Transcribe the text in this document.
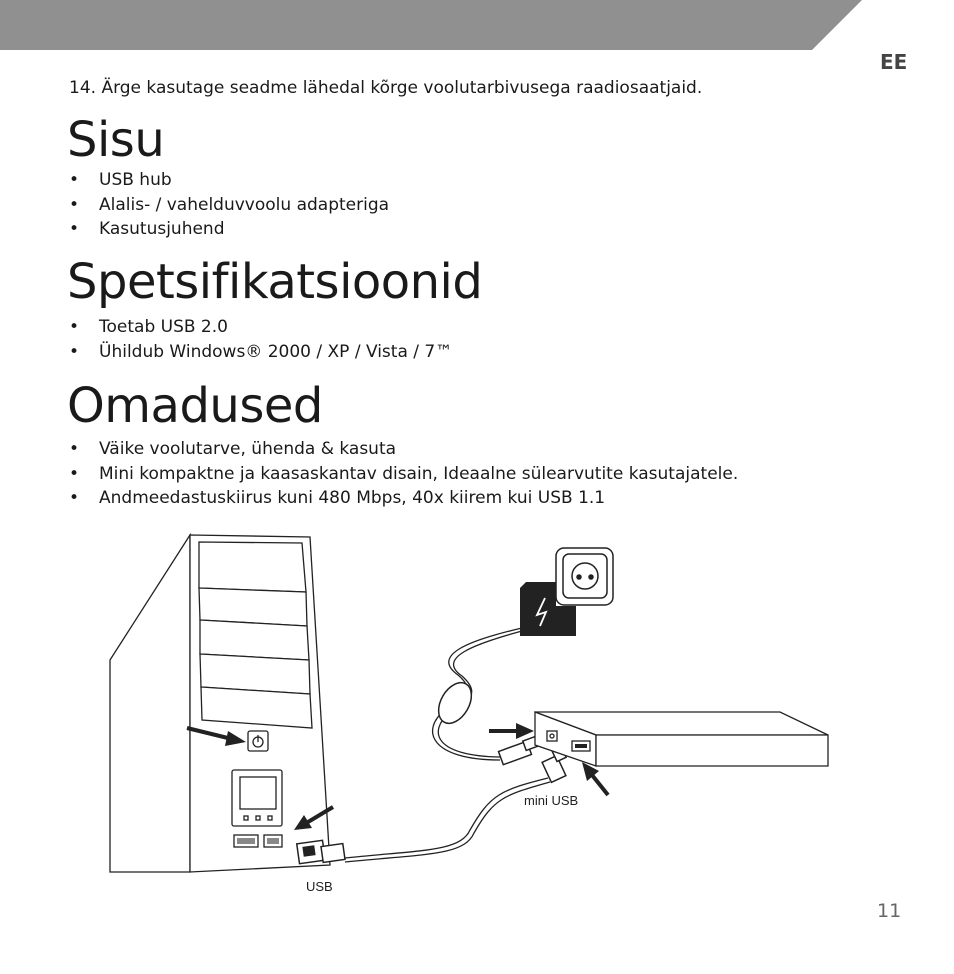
EE
14. Ärge kasutage seadme lähedal kõrge voolutarbivusega raadiosaatjaid.
Sisu
• USB hub
• Alalis- / vahelduvvoolu adapteriga
• Kasutusjuhend
Spetsifikatsioonid
• Toetab USB 2.0
• Ühildub Windows® 2000 / XP / Vista / 7™
Omadused
• Väike voolutarve, ühenda & kasuta
• Mini kompaktne ja kaasaskantav disain, Ideaalne sülearvutite kasutajatele.
• Andmeedastuskiirus kuni 480 Mbps, 40x kiirem kui USB 1.1
mini USB
USB
11
